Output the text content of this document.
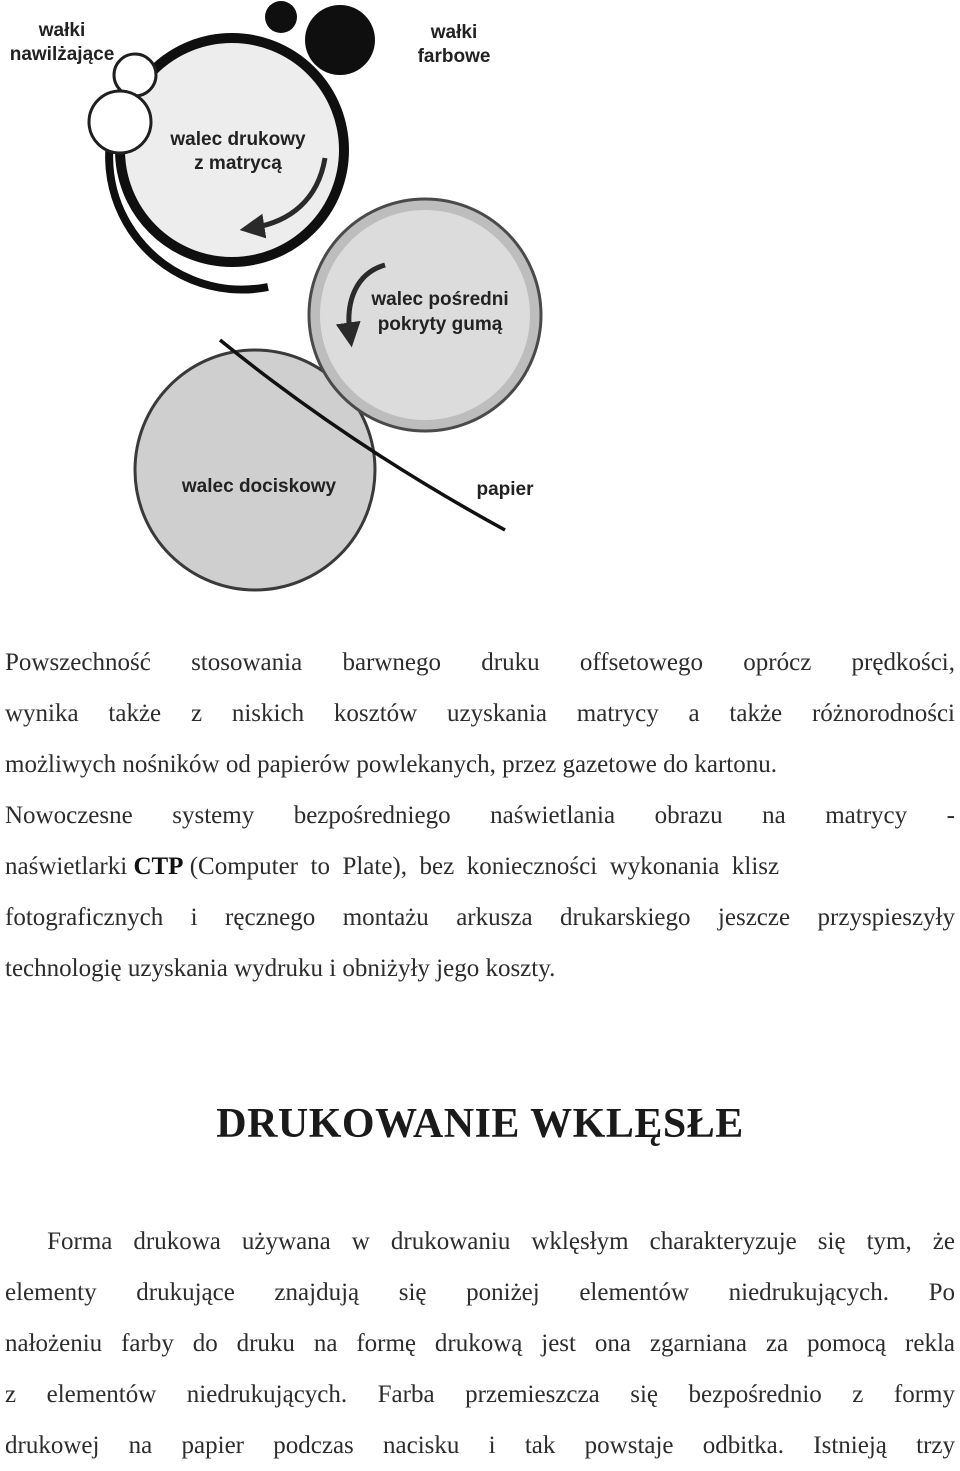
wałki
nawilżające
wałki
farbowe
walec drukowy
z matrycą
walec pośredni
pokryty gumą
walec dociskowy	papier
Powszechność stosowania barwnego druku offsetowego oprócz prędkości,
wynika także z niskich kosztów uzyskania matrycy a także różnorodności
możliwych nośników od papierów powlekanych, przez gazetowe do kartonu.
Nowoczesne systemy bezpośredniego naświetlania obrazu na matrycy -
naświetlarki CTP (Computer  to  Plate),  bez  konieczności  wykonania  klisz
fotograficznych i ręcznego montażu arkusza drukarskiego jeszcze przyspieszyły
technologię uzyskania wydruku i obniżyły jego koszty.
DRUKOWANIE WKLĘSŁE
Forma drukowa używana w drukowaniu wklęsłym charakteryzuje się tym, że
elementy drukujące znajdują się poniżej elementów niedrukujących. Po
nałożeniu farby do druku na formę drukową jest ona zgarniana za pomocą rekla
z elementów niedrukujących. Farba przemieszcza się bezpośrednio z formy
drukowej na papier podczas nacisku i tak powstaje odbitka. Istnieją trzy
